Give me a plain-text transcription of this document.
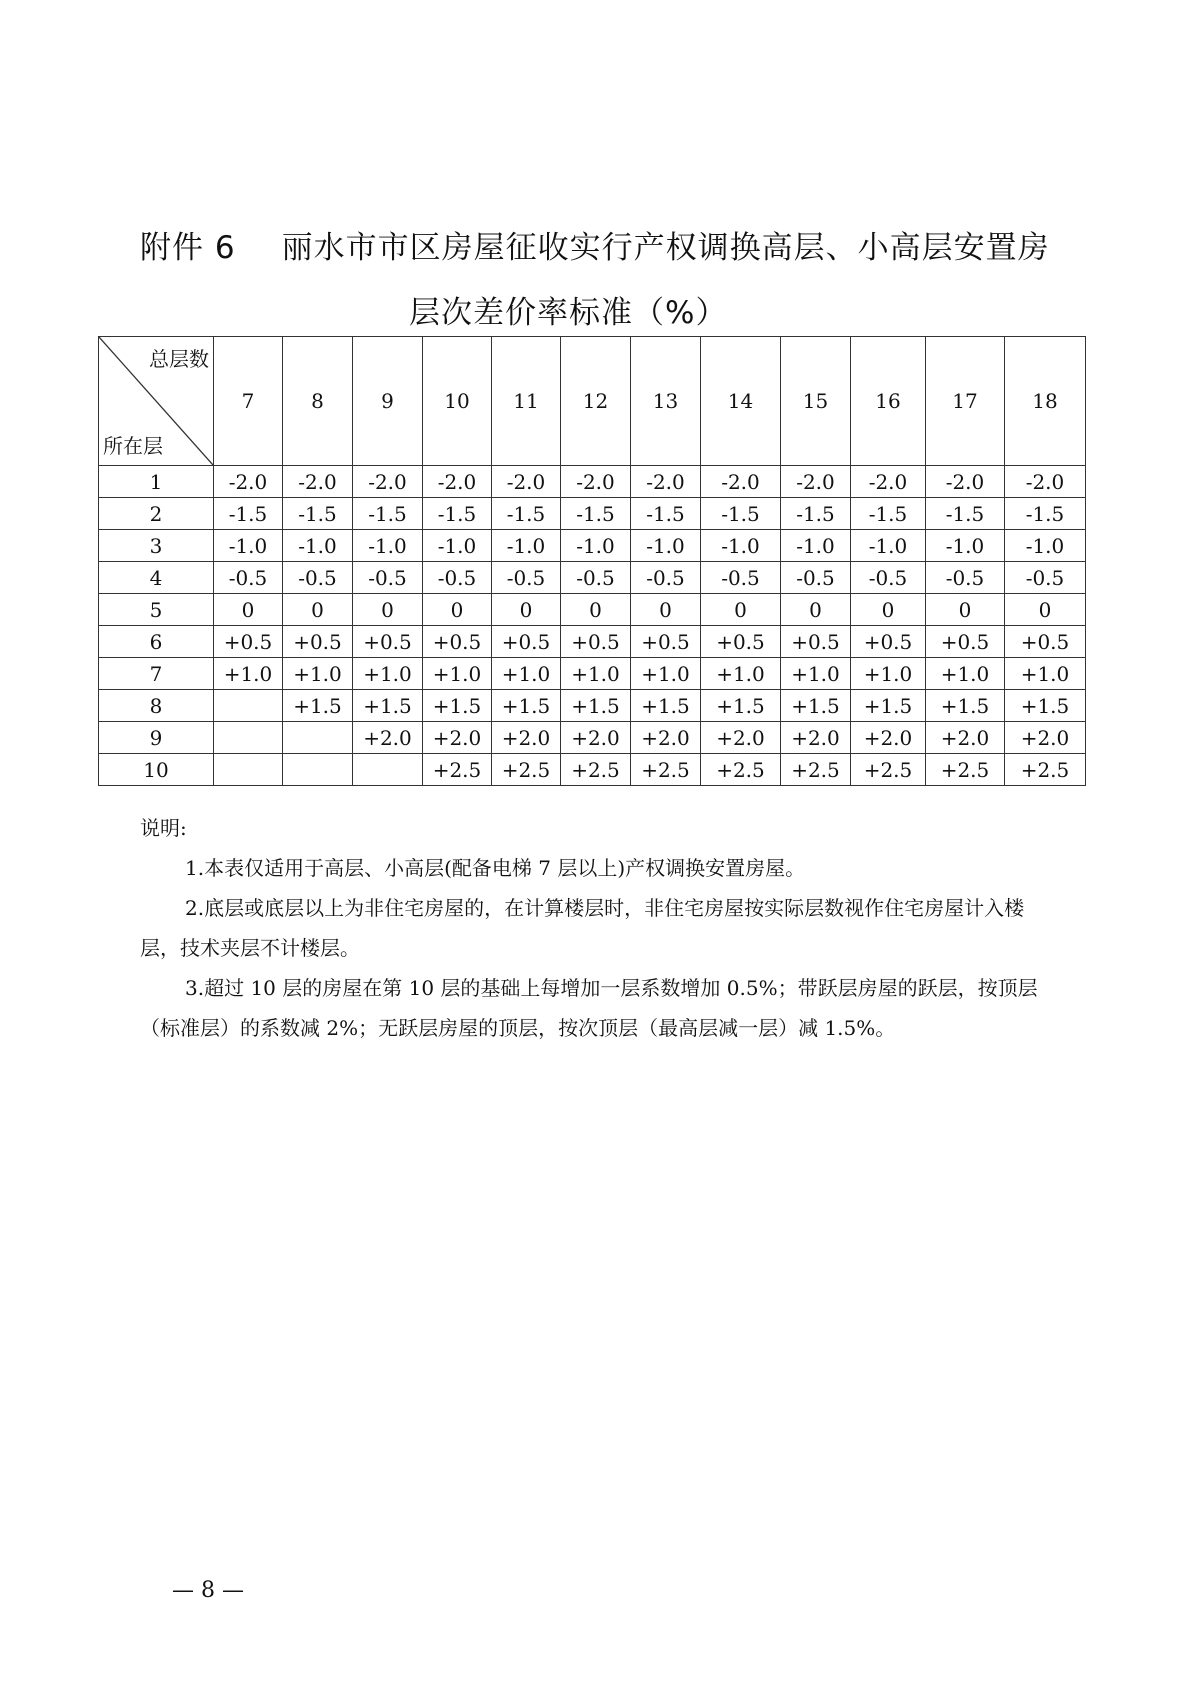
附件 6 丽水市市区房屋征收实行产权调换高层、小高层安置房
层次差价率标准（%）
总层数
所在层	7	8	9	10	11	12	13	14	15	16	17	18
1	-2.0	-2.0	-2.0	-2.0	-2.0	-2.0	-2.0	-2.0	-2.0	-2.0	-2.0	-2.0
2	-1.5	-1.5	-1.5	-1.5	-1.5	-1.5	-1.5	-1.5	-1.5	-1.5	-1.5	-1.5
3	-1.0	-1.0	-1.0	-1.0	-1.0	-1.0	-1.0	-1.0	-1.0	-1.0	-1.0	-1.0
4	-0.5	-0.5	-0.5	-0.5	-0.5	-0.5	-0.5	-0.5	-0.5	-0.5	-0.5	-0.5
5	0	0	0	0	0	0	0	0	0	0	0	0
6	+0.5	+0.5	+0.5	+0.5	+0.5	+0.5	+0.5	+0.5	+0.5	+0.5	+0.5	+0.5
7	+1.0	+1.0	+1.0	+1.0	+1.0	+1.0	+1.0	+1.0	+1.0	+1.0	+1.0	+1.0
8		+1.5	+1.5	+1.5	+1.5	+1.5	+1.5	+1.5	+1.5	+1.5	+1.5	+1.5
9			+2.0	+2.0	+2.0	+2.0	+2.0	+2.0	+2.0	+2.0	+2.0	+2.0
10				+2.5	+2.5	+2.5	+2.5	+2.5	+2.5	+2.5	+2.5	+2.5

说明:

1.本表仅适用于高层、小高层(配备电梯 7 层以上)产权调换安置房屋。

2.底层或底层以上为非住宅房屋的，在计算楼层时，非住宅房屋按实际层数视作住宅房屋计入楼层，技术夹层不计楼层。

3.超过 10 层的房屋在第 10 层的基础上每增加一层系数增加 0.5%；带跃层房屋的跃层，按顶层（标准层）的系数减 2%；无跃层房屋的顶层，按次顶层（最高层减一层）减 1.5%。

— 8 —
